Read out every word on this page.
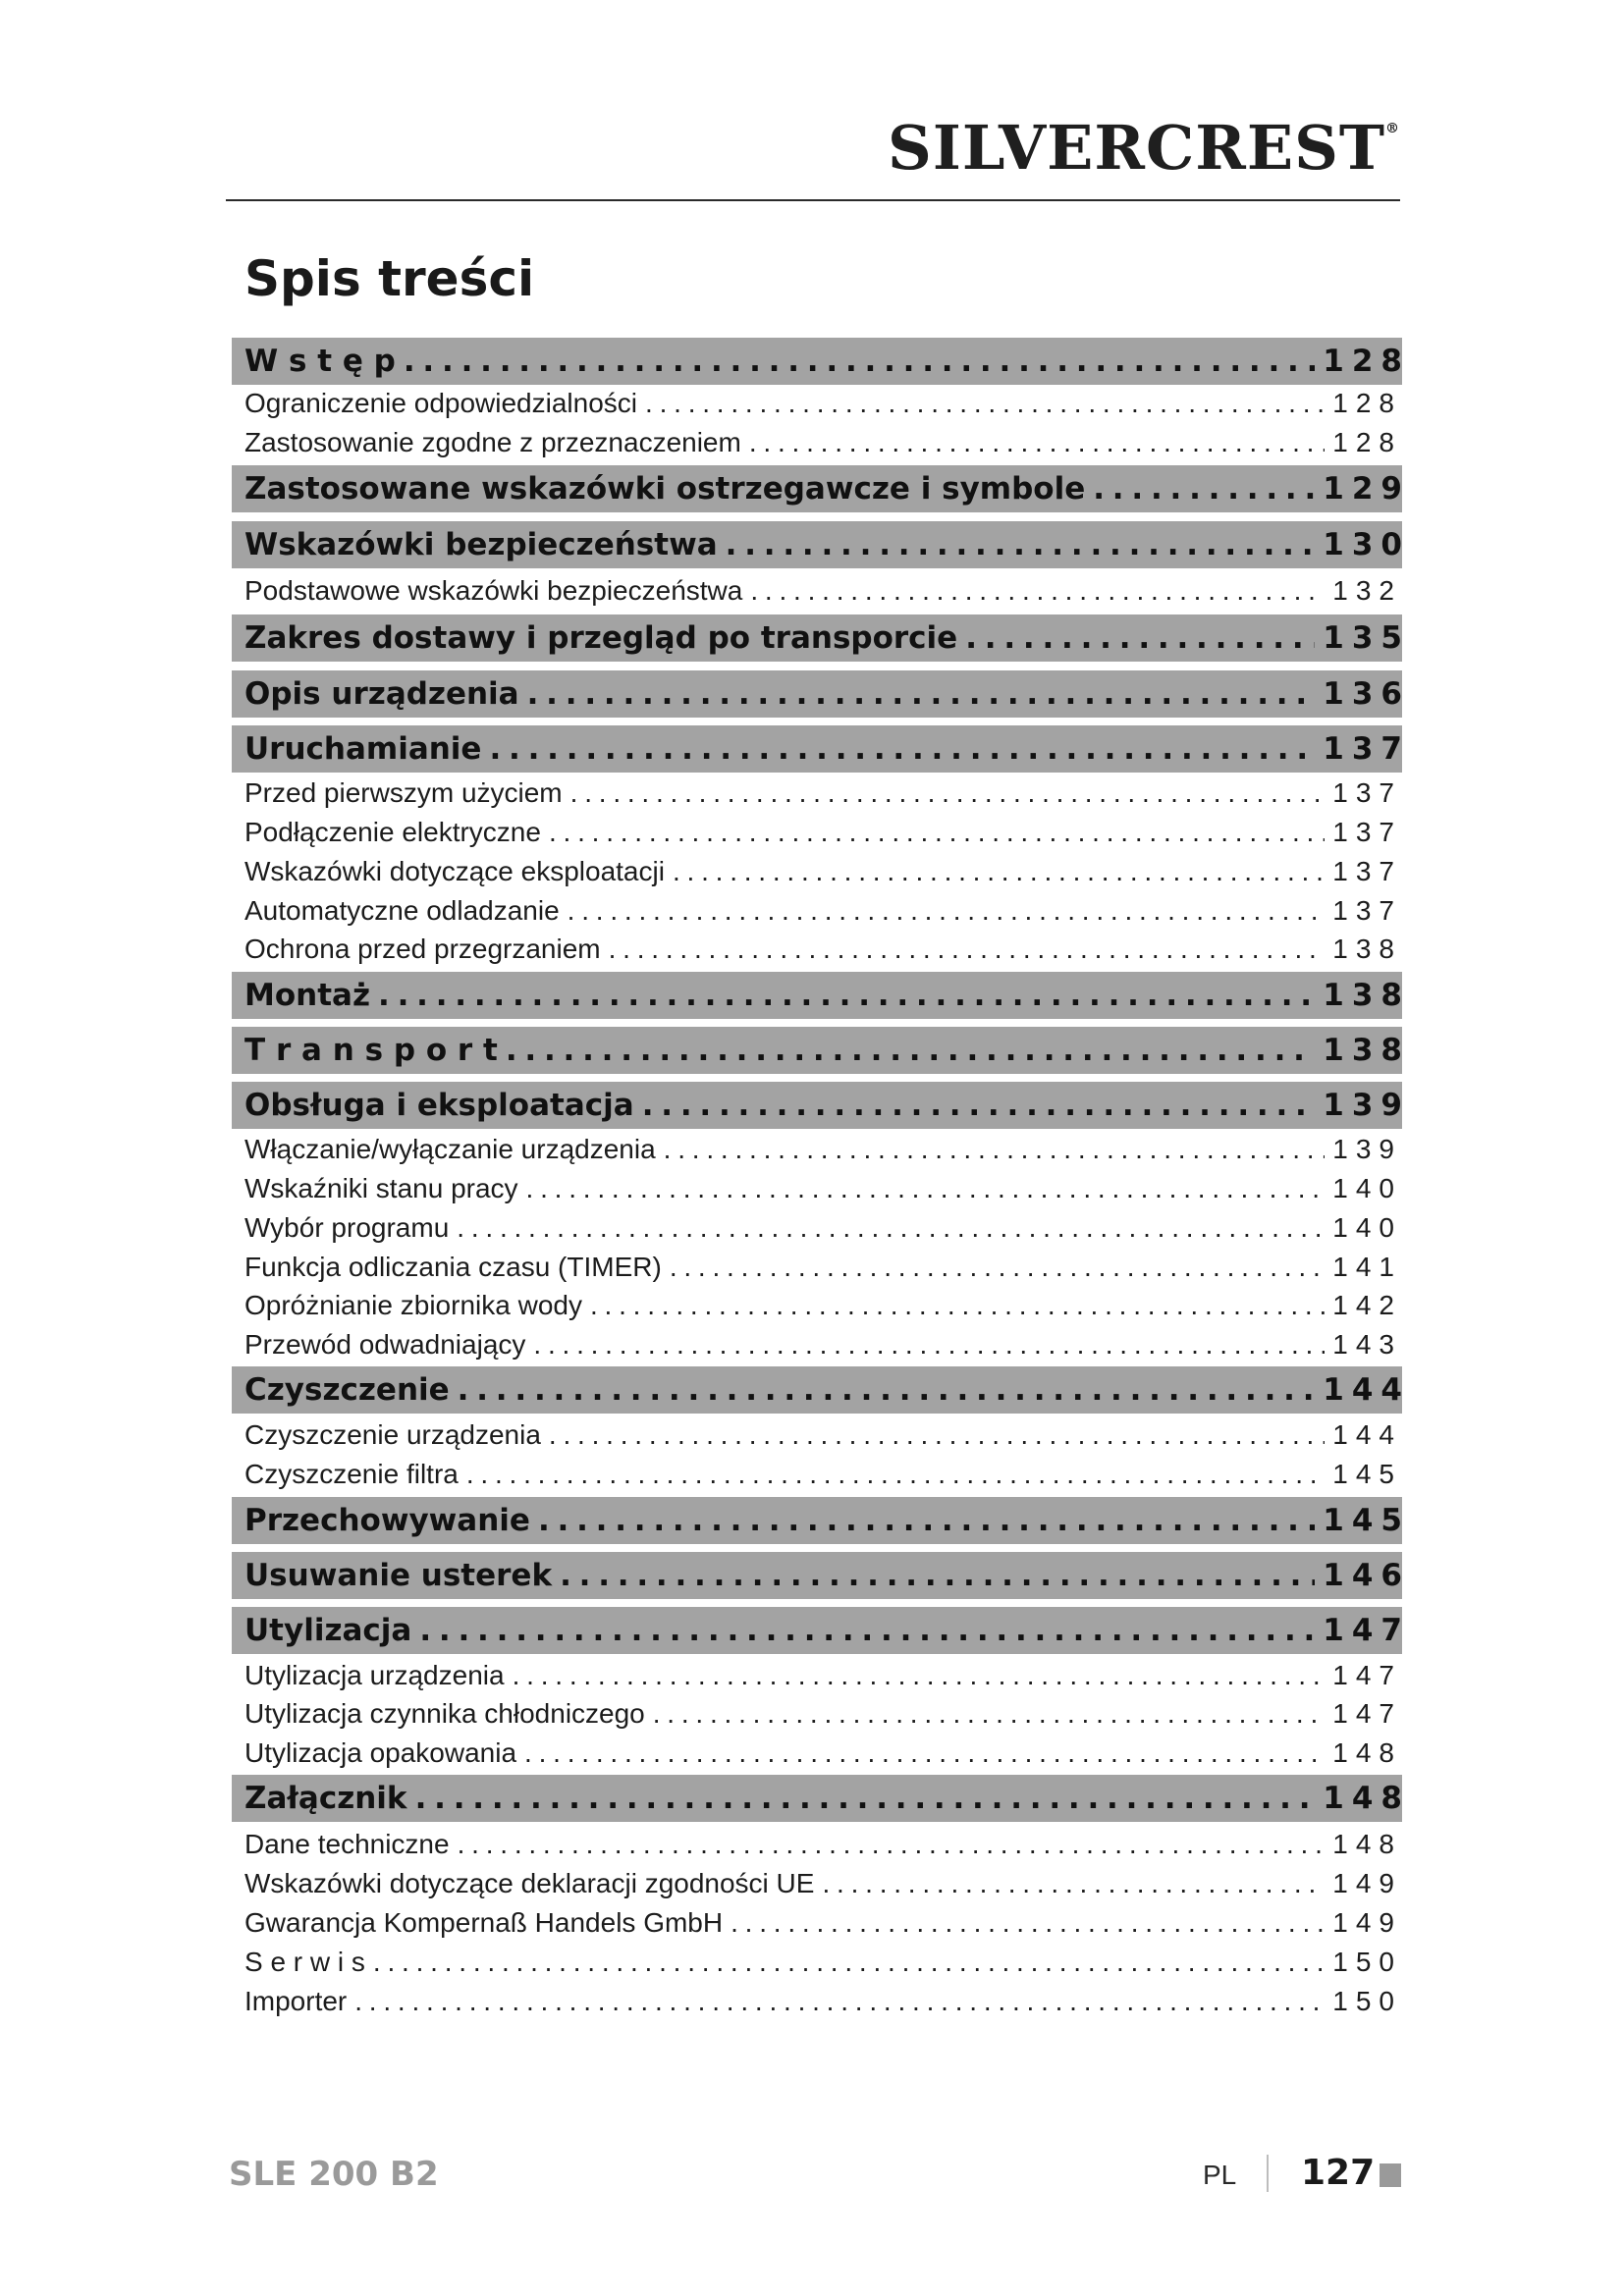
SILVERCREST®
Spis treści
W s t ę p . . .	128
Ograniczenie odpowiedzialności . . .	128
Zastosowanie zgodne z przeznaczeniem . . .	128
Zastosowane wskazówki ostrzegawcze i symbole . . .	129
Wskazówki bezpieczeństwa . . .	130
Podstawowe wskazówki bezpieczeństwa . . .	132
Zakres dostawy i przegląd po transporcie . . .	135
Opis urządzenia . . .	136
Uruchamianie . . .	137
Przed pierwszym użyciem . . .	137
Podłączenie elektryczne . . .	137
Wskazówki dotyczące eksploatacji . . .	137
Automatyczne odladzanie . . .	137
Ochrona przed przegrzaniem . . .	138
Montaż . . .	138
T r a n s p o r t . . .	138
Obsługa i eksploatacja . . .	139
Włączanie/wyłączanie urządzenia . . .	139
Wskaźniki stanu pracy . . .	140
Wybór programu . . .	140
Funkcja odliczania czasu (TIMER) . . .	141
Opróżnianie zbiornika wody . . .	142
Przewód odwadniający . . .	143
Czyszczenie . . .	144
Czyszczenie urządzenia . . .	144
Czyszczenie filtra . . .	145
Przechowywanie . . .	145
Usuwanie usterek . . .	146
Utylizacja . . .	147
Utylizacja urządzenia . . .	147
Utylizacja czynnika chłodniczego . . .	147
Utylizacja opakowania . . .	148
Załącznik . . .	148
Dane techniczne . . .	148
Wskazówki dotyczące deklaracji zgodności UE . . .	149
Gwarancja Kompernaß Handels GmbH . . .	149
S e r w i s . . .	150
Importer . . .	150
SLE 200 B2	PL 127
